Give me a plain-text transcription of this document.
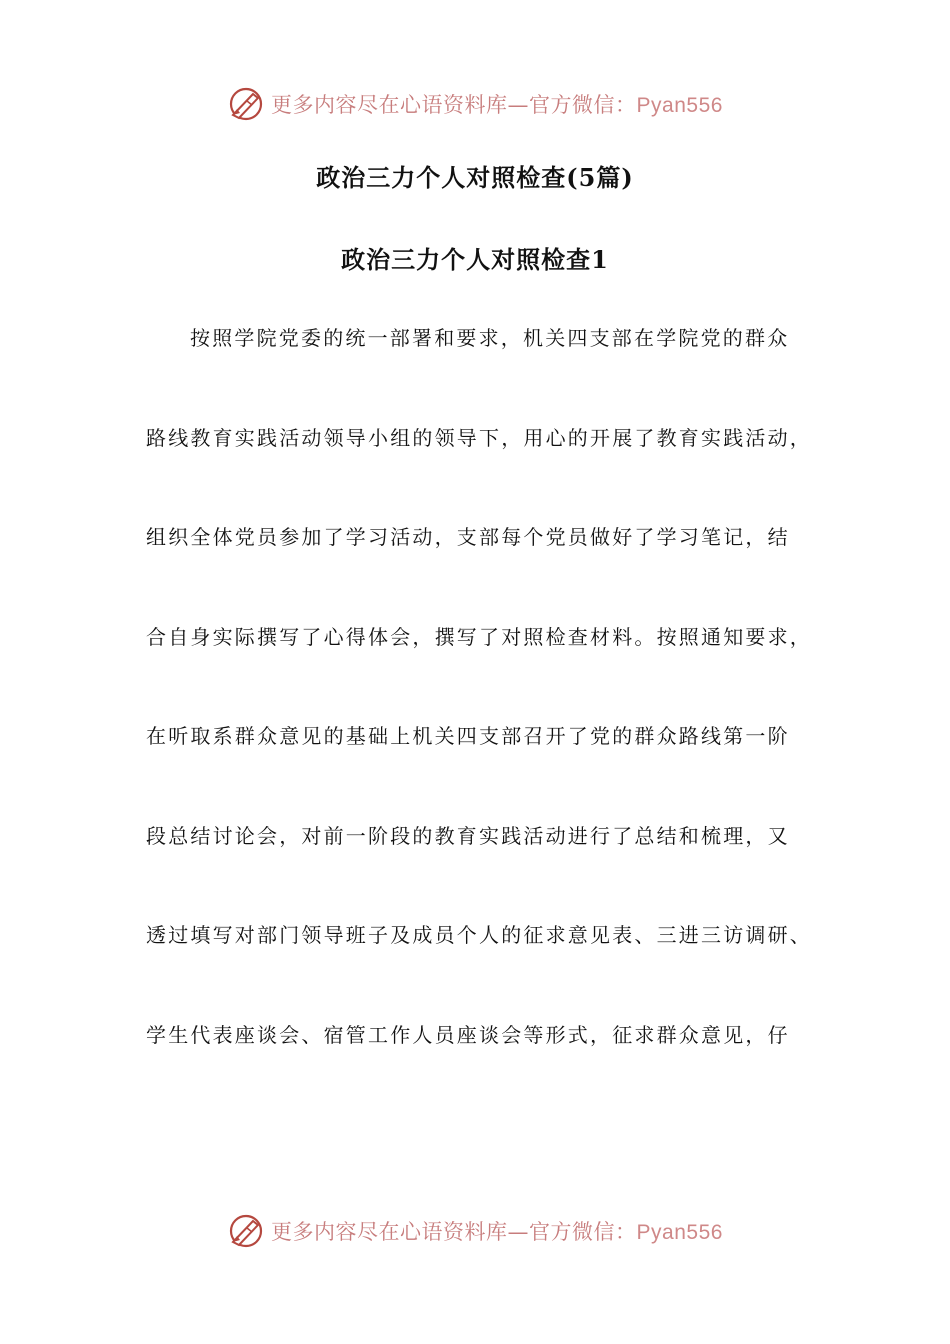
更多内容尽在心语资料库—官方微信：Pyan556
政治三力个人对照检查(5篇)
政治三力个人对照检查1
按照学院党委的统一部署和要求，机关四支部在学院党的群众
路线教育实践活动领导小组的领导下，用心的开展了教育实践活动，
组织全体党员参加了学习活动，支部每个党员做好了学习笔记，结
合自身实际撰写了心得体会，撰写了对照检查材料。按照通知要求，
在听取系群众意见的基础上机关四支部召开了党的群众路线第一阶
段总结讨论会，对前一阶段的教育实践活动进行了总结和梳理，又
透过填写对部门领导班子及成员个人的征求意见表、三进三访调研、
学生代表座谈会、宿管工作人员座谈会等形式，征求群众意见，仔
更多内容尽在心语资料库—官方微信：Pyan556
